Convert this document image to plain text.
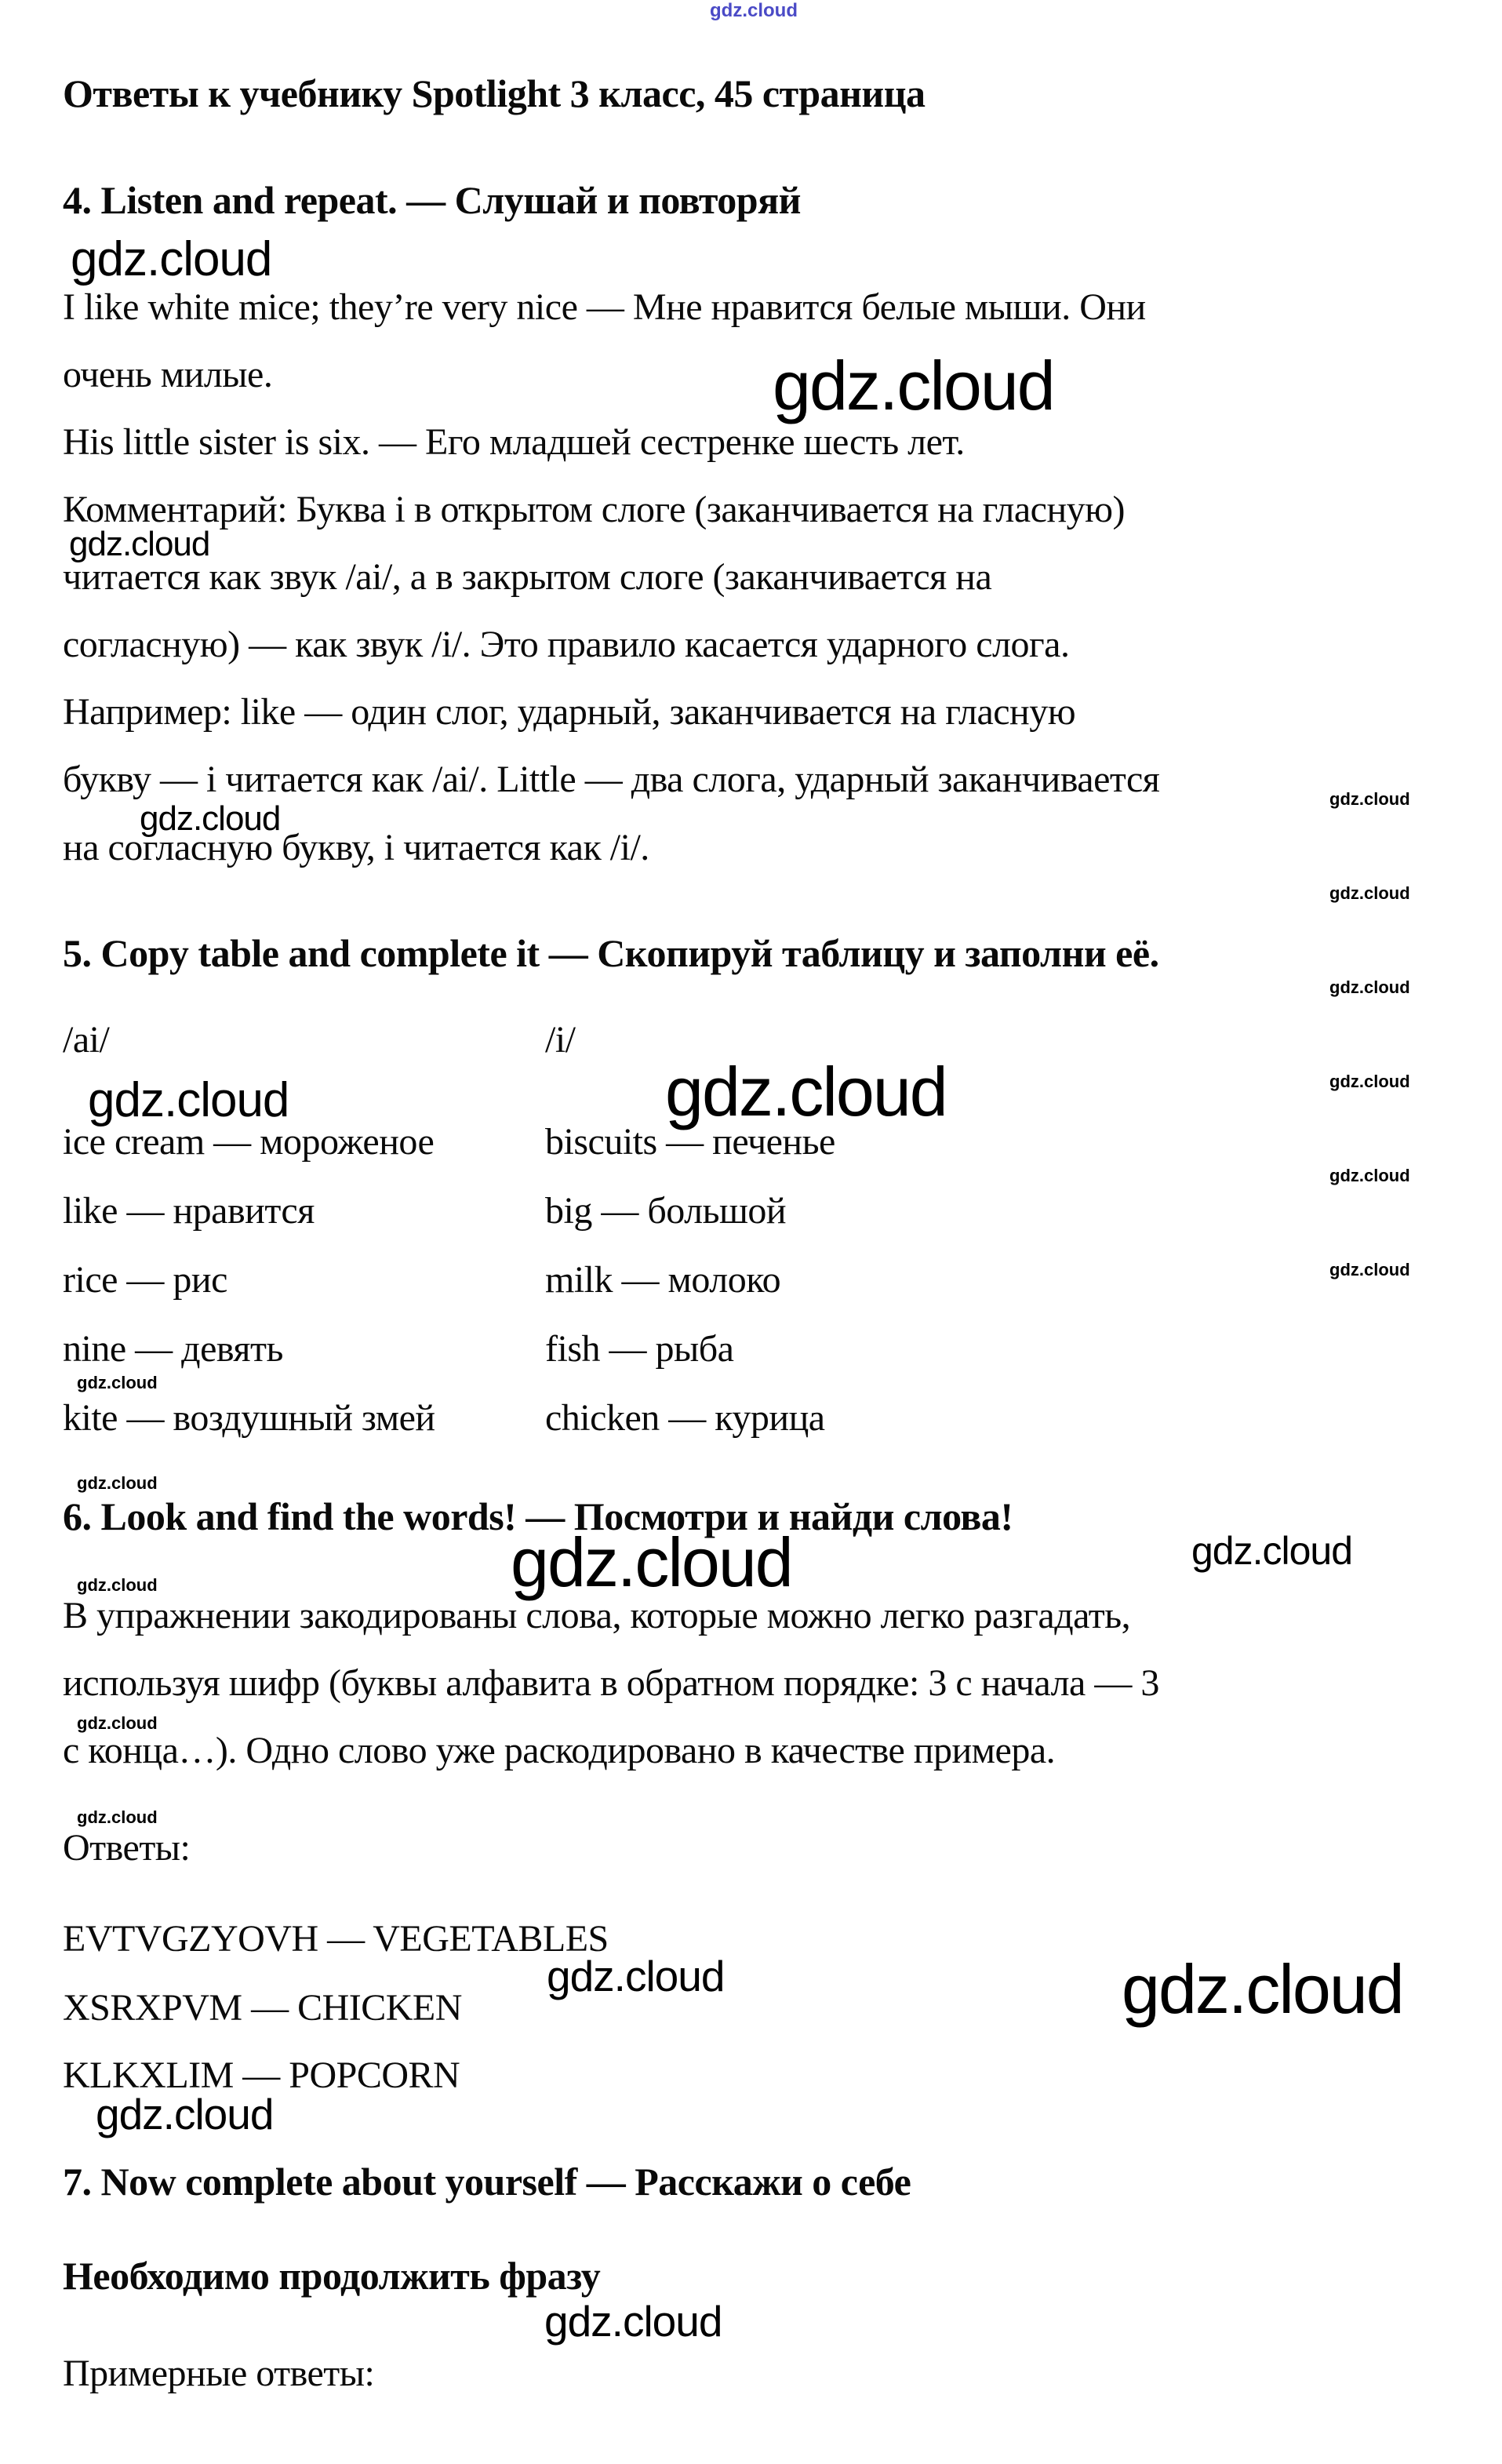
gdz.cloud
gdz.cloud
gdz.cloud
gdz.cloud
gdz.cloud
gdz.cloud
gdz.cloud
gdz.cloud
gdz.cloud
gdz.cloud
gdz.cloud
gdz.cloud	gdz.cloud
gdz.cloud
gdz.cloud
gdz.cloud	gdz.cloud
gdz.cloud
gdz.cloud
gdz.cloud
gdz.cloud	gdz.cloud
gdz.cloud
gdz.cloud
Ответы к учебнику Spotlight 3 класс, 45 страница
4. Listen and repeat. — Слушай и повторяй
I like white mice; they’re very nice — Мне нравится белые мыши. Они
очень милые.
His little sister is six. — Его младшей сестренке шесть лет.
Комментарий: Буква i в открытом слоге (заканчивается на гласную)
читается как звук /ai/, а в закрытом слоге (заканчивается на
согласную) — как звук /i/. Это правило касается ударного слога.
Например: like — один слог, ударный, заканчивается на гласную
букву — i читается как /ai/. Little — два слога, ударный заканчивается
на согласную букву, i читается как /i/.
5. Copy table and complete it — Скопируй таблицу и заполни её.
/ai/	/i/
ice cream — мороженое	biscuits — печенье
like — нравится	big — большой
rice — рис	milk — молоко
nine — девять	fish — рыба
kite — воздушный змей	chicken — курица
6. Look and find the words! — Посмотри и найди слова!
В упражнении закодированы слова, которые можно легко разгадать,
используя шифр (буквы алфавита в обратном порядке: 3 с начала — 3
с конца…). Одно слово уже раскодировано в качестве примера.
Ответы:
EVTVGZYOVH — VEGETABLES
XSRXPVM — CHICKEN
KLKXLIM — POPCORN
7. Now complete about yourself — Расскажи о себе
Необходимо продолжить фразу
Примерные ответы:
